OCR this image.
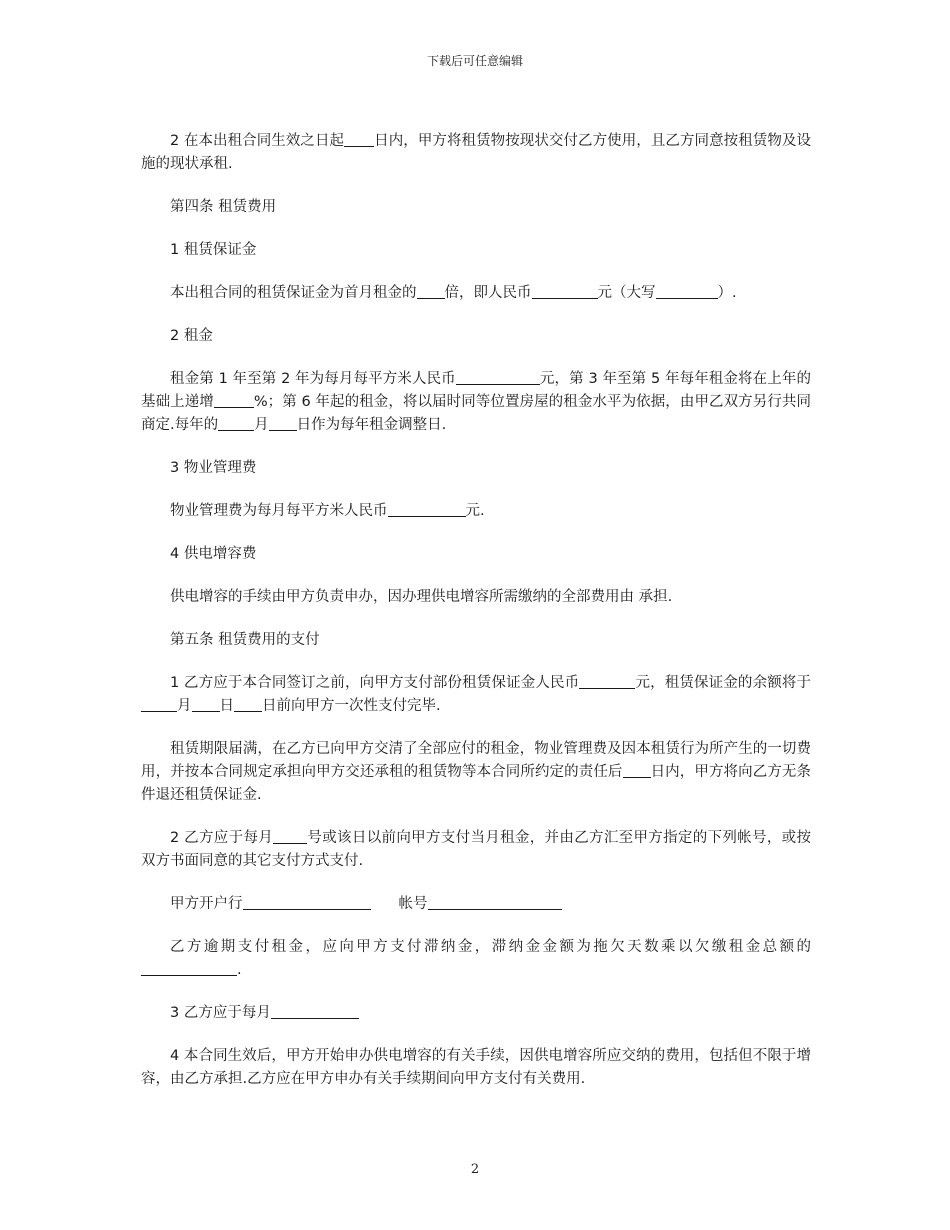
下载后可任意编辑

2 在本出租合同生效之日起 日内，甲方将租赁物按现状交付乙方使用，且乙方同意按租赁物及设施的现状承租.

第四条 租赁费用

1 租赁保证金

本出租合同的租赁保证金为首月租金的 倍，即人民币	元（大写	）.

2 租金

租金第 1 年至第 2 年为每月每平方米人民币	元，第 3 年至第 5 年每年租金将在上年的基础上递增	%；第 6 年起的租金，将以届时同等位置房屋的租金水平为依据，由甲乙双方另行共同商定.每年的 月 日作为每年租金调整日.

3 物业管理费

物业管理费为每月每平方米人民币	元.

4 供电增容费

供电增容的手续由甲方负责申办，因办理供电增容所需缴纳的全部费用由 承担.

第五条 租赁费用的支付

1 乙方应于本合同签订之前，向甲方支付部份租赁保证金人民币	元，租赁保证金的余额将于月 日 日前向甲方一次性支付完毕.

租赁期限届满，在乙方已向甲方交清了全部应付的租金，物业管理费及因本租赁行为所产生的一切费用，并按本合同规定承担向甲方交还承租的租赁物等本合同所约定的责任后 日内，甲方将向乙方无条件退还租赁保证金.

2 乙方应于每月 号或该日以前向甲方支付当月租金，并由乙方汇至甲方指定的下列帐号，或按双方书面同意的其它支付方式支付.

甲方开户行	帐号

乙方逾期支付租金，应向甲方支付滞纳金，滞纳金金额为拖欠天数乘以欠缴租金总额的.

3 乙方应于每月

4 本合同生效后，甲方开始申办供电增容的有关手续，因供电增容所应交纳的费用，包括但不限于增容，由乙方承担.乙方应在甲方申办有关手续期间向甲方支付有关费用.

2
